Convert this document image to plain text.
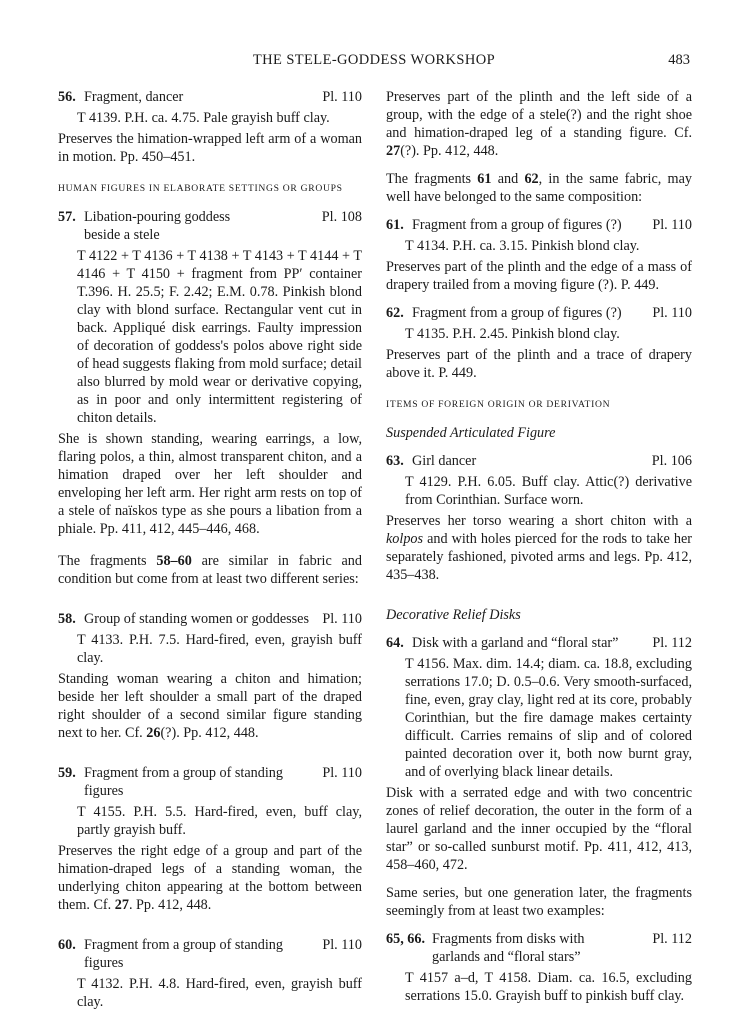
THE STELE-GODDESS WORKSHOP	483
56. Fragment, dancer	Pl. 110

T 4139. P.H. ca. 4.75. Pale grayish buff clay.

Preserves the himation-wrapped left arm of a woman in motion. Pp. 450–451.

HUMAN FIGURES IN ELABORATE SETTINGS OR GROUPS

57. Libation-pouring goddess beside a stele
Pl. 108

T 4122 + T 4136 + T 4138 + T 4143 + T 4144 + T 4146 + T 4150 + fragment from PP′ container T.396. H. 25.5; F. 2.42; E.M. 0.78. Pinkish blond clay with blond surface. Rectangular vent cut in back. Appliqué disk earrings. Faulty impression of decoration of goddess's polos above right side of head suggests flaking from mold surface; detail also blurred by mold wear or derivative copying, as in poor and only intermittent registering of chiton details.

She is shown standing, wearing earrings, a low, flaring polos, a thin, almost transparent chiton, and a himation draped over her left shoulder and enveloping her left arm. Her right arm rests on top of a stele of naïskos type as she pours a libation from a phiale. Pp. 411, 412, 445–446, 468.

The fragments 58–60 are similar in fabric and condition but come from at least two different series:

58. Group of standing women or goddesses Pl. 110

T 4133. P.H. 7.5. Hard-fired, even, grayish buff clay.

Standing woman wearing a chiton and himation; beside her left shoulder a small part of the draped right shoulder of a second similar figure standing next to her. Cf. 26(?). Pp. 412, 448.

59. Fragment from a group of standing figures
Pl. 110

T 4155. P.H. 5.5. Hard-fired, even, buff clay, partly grayish buff.

Preserves the right edge of a group and part of the himation-draped legs of a standing woman, the underlying chiton appearing at the bottom between them. Cf. 27. Pp. 412, 448.

60. Fragment from a group of standing figures
Pl. 110

T 4132. P.H. 4.8. Hard-fired, even, grayish buff clay.

Preserves part of the plinth and the left side of a group, with the edge of a stele(?) and the right shoe and himation-draped leg of a standing figure. Cf. 27(?). Pp. 412, 448.

The fragments 61 and 62, in the same fabric, may well have belonged to the same composition:

61. Fragment from a group of figures (?)	Pl. 110

T 4134. P.H. ca. 3.15. Pinkish blond clay.

Preserves part of the plinth and the edge of a mass of drapery trailed from a moving figure (?). P. 449.

62. Fragment from a group of figures (?)	Pl. 110

T 4135. P.H. 2.45. Pinkish blond clay.

Preserves part of the plinth and a trace of drapery above it. P. 449.

ITEMS OF FOREIGN ORIGIN OR DERIVATION

Suspended Articulated Figure

63. Girl dancer	Pl. 106

T 4129. P.H. 6.05. Buff clay. Attic(?) derivative from Corinthian. Surface worn.

Preserves her torso wearing a short chiton with a kolpos and with holes pierced for the rods to take her separately fashioned, pivoted arms and legs. Pp. 412, 435–438.

Decorative Relief Disks

64. Disk with a garland and “floral star”	Pl. 112

T 4156. Max. dim. 14.4; diam. ca. 18.8, excluding serrations 17.0; D. 0.5–0.6. Very smooth-surfaced, fine, even, gray clay, light red at its core, probably Corinthian, but the fire damage makes certainty difficult. Carries remains of slip and of colored painted decoration over it, both now burnt gray, and of overlying black linear details.

Disk with a serrated edge and with two concentric zones of relief decoration, the outer in the form of a laurel garland and the inner occupied by the “floral star” or so-called sunburst motif. Pp. 411, 412, 413, 458–460, 472.

Same series, but one generation later, the fragments seemingly from at least two examples:

65, 66. Fragments from disks with garlands and “floral stars”
Pl. 112

T 4157 a–d, T 4158. Diam. ca. 16.5, excluding serrations 15.0. Grayish buff to pinkish buff clay.
